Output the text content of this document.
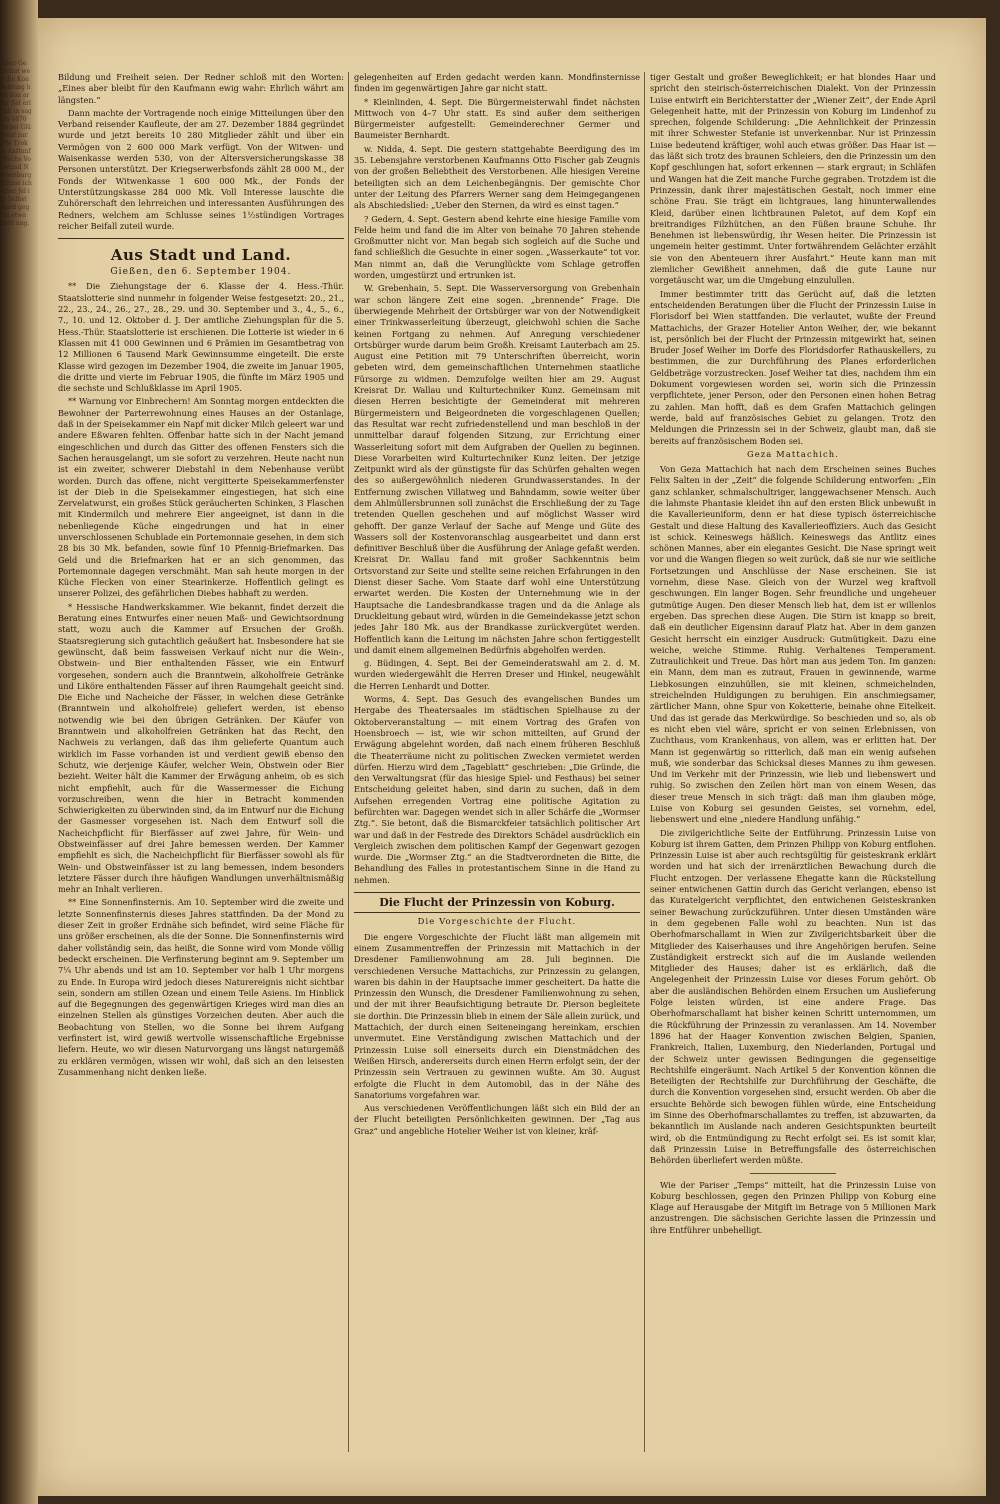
uber Ge Schut wei die Kon leibung hat kon ar Kr fiel erl fah in sagen 1870 Arbei Glühenf zur Ma Trok u Anftunf Wechs Vorstand Nenenburg Einzel ich über Jel in Selbst hard gegen etwa Zeit ung.

Bildung und Freiheit seien. Der Redner schloß mit den Worten: „Eines aber bleibt für den Kaufmann ewig wahr: Ehrlich währt am längsten.“

Dann machte der Vortragende noch einige Mitteilungen über den Verband reisender Kaufleute, der am 27. Dezember 1884 gegründet wurde und jetzt bereits 10 280 Mitglieder zählt und über ein Vermögen von 2 600 000 Mark verfügt. Von der Witwen- und Waisenkasse werden 530, von der Altersversicherungskasse 38 Personen unterstützt. Der Kriegserwerbsfonds zählt 28 000 M., der Fonds der Witwenkasse 1 600 000 Mk., der Fonds der Unterstützungskasse 284 000 Mk. Voll Interesse lauschte die Zuhörerschaft den lehrreichen und interessanten Ausführungen des Redners, welchem am Schlusse seines 1½stündigen Vortrages reicher Beifall zuteil wurde.

Aus Stadt und Land.
Gießen, den 6. September 1904.

** Die Ziehungstage der 6. Klasse der 4. Hess.-Thür. Staatslotterie sind nunmehr in folgender Weise festgesetzt: 20., 21., 22., 23., 24., 26., 27., 28., 29. und 30. September und 3., 4., 5., 6., 7., 10. und 12. Oktober d. J. Der amtliche Ziehungsplan für die 5. Hess.-Thür. Staatslotterie ist erschienen. Die Lotterie ist wieder in 6 Klassen mit 41 000 Gewinnen und 6 Prämien im Gesamtbetrag von 12 Millionen 6 Tausend Mark Gewinnsumme eingeteilt. Die erste Klasse wird gezogen im Dezember 1904, die zweite im Januar 1905, die dritte und vierte im Februar 1905, die fünfte im März 1905 und die sechste und Schlußklasse im April 1905.

** Warnung vor Einbrechern! Am Sonntag morgen entdeckten die Bewohner der Parterrewohnung eines Hauses an der Ostanlage, daß in der Speisekammer ein Napf mit dicker Milch geleert war und andere Eßwaren fehlten. Offenbar hatte sich in der Nacht jemand eingeschlichen und durch das Gitter des offenen Fensters sich die Sachen herausgelangt, um sie sofort zu verzehren. Heute nacht nun ist ein zweiter, schwerer Diebstahl in dem Nebenhause verübt worden. Durch das offene, nicht vergitterte Speisekammerfenster ist der Dieb in die Speisekammer eingestiegen, hat sich eine Zervelatwurst, ein großes Stück geräucherten Schinken, 3 Flaschen mit Kindermilch und mehrere Eier angeeignet, ist dann in die nebenliegende Küche eingedrungen und hat in einer unverschlossenen Schublade ein Portemonnaie gesehen, in dem sich 28 bis 30 Mk. befanden, sowie fünf 10 Pfennig-Briefmarken. Das Geld und die Briefmarken hat er an sich genommen, das Portemonnaie dagegen verschmäht. Man sah heute morgen in der Küche Flecken von einer Stearinkerze. Hoffentlich gelingt es unserer Polizei, des gefährlichen Diebes habhaft zu werden.

* Hessische Handwerkskammer. Wie bekannt, findet derzeit die Beratung eines Entwurfes einer neuen Maß- und Gewichtsordnung statt, wozu auch die Kammer auf Ersuchen der Großh. Staatsregierung sich gutachtlich geäußert hat. Insbesondere hat sie gewünscht, daß beim fassweisen Verkauf nicht nur die Wein-, Obstwein- und Bier enthaltenden Fässer, wie ein Entwurf vorgesehen, sondern auch die Branntwein, alkoholfreie Getränke und Liköre enthaltenden Fässer auf ihren Raumgehalt geeicht sind. Die Eiche und Nacheiche der Fässer, in welchen diese Getränke (Branntwein und alkoholfreie) geliefert werden, ist ebenso notwendig wie bei den übrigen Getränken. Der Käufer von Branntwein und alkoholfreien Getränken hat das Recht, den Nachweis zu verlangen, daß das ihm gelieferte Quantum auch wirklich im Fasse vorhanden ist und verdient gewiß ebenso den Schutz, wie derjenige Käufer, welcher Wein, Obstwein oder Bier bezieht. Weiter hält die Kammer der Erwägung anheim, ob es sich nicht empfiehlt, auch für die Wassermesser die Eichung vorzuschreiben, wenn die hier in Betracht kommenden Schwierigkeiten zu überwinden sind, da im Entwurf nur die Eichung der Gasmesser vorgesehen ist. Nach dem Entwurf soll die Nacheichpflicht für Bierfässer auf zwei Jahre, für Wein- und Obstweinfässer auf drei Jahre bemessen werden. Der Kammer empfiehlt es sich, die Nacheichpflicht für Bierfässer sowohl als für Wein- und Obstweinfässer ist zu lang bemessen, indem besonders letztere Fässer durch ihre häufigen Wandlungen unverhältnismäßig mehr an Inhalt verlieren.

** Eine Sonnenfinsternis. Am 10. September wird die zweite und letzte Sonnenfinsternis dieses Jahres stattfinden. Da der Mond zu dieser Zeit in großer Erdnähe sich befindet, wird seine Fläche für uns größer erscheinen, als die der Sonne. Die Sonnenfinsternis wird daher vollständig sein, das heißt, die Sonne wird vom Monde völlig bedeckt erscheinen. Die Verfinsterung beginnt am 9. September um 7¼ Uhr abends und ist am 10. September vor halb 1 Uhr morgens zu Ende. In Europa wird jedoch dieses Naturereignis nicht sichtbar sein, sondern am stillen Ozean und einem Teile Asiens. Im Hinblick auf die Begegnungen des gegenwärtigen Krieges wird man dies an einzelnen Stellen als günstiges Vorzeichen deuten. Aber auch die Beobachtung von Stellen, wo die Sonne bei ihrem Aufgang verfinstert ist, wird gewiß wertvolle wissenschaftliche Ergebnisse liefern. Heute, wo wir diesen Naturvorgang uns längst naturgemäß zu erklären vermögen, wissen wir wohl, daß sich an den leisesten Zusammenhang nicht denken ließe.

gelegenheiten auf Erden gedacht werden kann. Mondfinsternisse finden im gegenwärtigen Jahre gar nicht statt.

* Kleinlinden, 4. Sept. Die Bürgermeisterwahl findet nächsten Mittwoch von 4–7 Uhr statt. Es sind außer dem seitherigen Bürgermeister aufgestellt: Gemeinderechner Germer und Baumeister Bernhardt.

w. Nidda, 4. Sept. Die gestern stattgehabte Beerdigung des im 35. Lebensjahre verstorbenen Kaufmanns Otto Fischer gab Zeugnis von der großen Beliebtheit des Verstorbenen. Alle hiesigen Vereine beteiligten sich an dem Leichenbegängnis. Der gemischte Chor unter der Leitung des Pfarrers Werner sang dem Heimgegangenen als Abschiedslied: „Ueber den Sternen, da wird es einst tagen.“

? Gedern, 4. Sept. Gestern abend kehrte eine hiesige Familie vom Felde heim und fand die im Alter von beinahe 70 Jahren stehende Großmutter nicht vor. Man begab sich sogleich auf die Suche und fand schließlich die Gesuchte in einer sogen. „Wasserkaute“ tot vor. Man nimmt an, daß die Verunglückte vom Schlage getroffen worden, umgestürzt und ertrunken ist.

W. Grebenhain, 5. Sept. Die Wasserversorgung von Grebenhain war schon längere Zeit eine sogen. „brennende“ Frage. Die überwiegende Mehrheit der Ortsbürger war von der Notwendigkeit einer Trinkwasserleitung überzeugt, gleichwohl schien die Sache keinen Fortgang zu nehmen. Auf Anregung verschiedener Ortsbürger wurde darum beim Großh. Kreisamt Lauterbach am 25. August eine Petition mit 79 Unterschriften überreicht, worin gebeten wird, dem gemeinschaftlichen Unternehmen staatliche Fürsorge zu widmen. Demzufolge weilten hier am 29. August Kreisrat Dr. Wallau und Kulturtechniker Kunz. Gemeinsam mit diesen Herren besichtigte der Gemeinderat mit mehreren Bürgermeistern und Beigeordneten die vorgeschlagenen Quellen; das Resultat war recht zufriedenstellend und man beschloß in der unmittelbar darauf folgenden Sitzung, zur Errichtung einer Wasserleitung sofort mit dem Aufgraben der Quellen zu beginnen. Diese Vorarbeiten wird Kulturtechniker Kunz leiten. Der jetzige Zeitpunkt wird als der günstigste für das Schürfen gehalten wegen des so außergewöhnlich niederen Grundwasserstandes. In der Entfernung zwischen Villatweg und Bahndamm, sowie weiter über dem Ahlmüllersbrunnen soll zunächst die Erschließung der zu Tage tretenden Quellen geschehen und auf möglichst Wasser wird gehofft. Der ganze Verlauf der Sache auf Menge und Güte des Wassers soll der Kostenvoranschlag ausgearbeitet und dann erst definitiver Beschluß über die Ausführung der Anlage gefaßt werden. Kreisrat Dr. Wallau fand mit großer Sachkenntnis beim Ortsvorstand zur Seite und stellte seine reichen Erfahrungen in den Dienst dieser Sache. Vom Staate darf wohl eine Unterstützung erwartet werden. Die Kosten der Unternehmung wie in der Hauptsache die Landesbrandkasse tragen und da die Anlage als Druckleitung gebaut wird, würden in die Gemeindekasse jetzt schon jedes Jahr 180 Mk. aus der Brandkasse zurückvergütet werden. Hoffentlich kann die Leitung im nächsten Jahre schon fertiggestellt und damit einem allgemeinen Bedürfnis abgeholfen werden.

g. Büdingen, 4. Sept. Bei der Gemeinderatswahl am 2. d. M. wurden wiedergewählt die Herren Dreser und Hinkel, neugewählt die Herren Lenhardt und Dotter.

Worms, 4. Sept. Das Gesuch des evangelischen Bundes um Hergabe des Theatersaales im städtischen Spielhause zu der Oktoberveranstaltung — mit einem Vortrag des Grafen von Hoensbroech — ist, wie wir schon mitteilten, auf Grund der Erwägung abgelehnt worden, daß nach einem früheren Beschluß die Theaterräume nicht zu politischen Zwecken vermietet werden dürfen. Hierzu wird dem „Tageblatt“ geschrieben: „Die Gründe, die den Verwaltungsrat (für das hiesige Spiel- und Festhaus) bei seiner Entscheidung geleitet haben, sind darin zu suchen, daß in dem Aufsehen erregenden Vortrag eine politische Agitation zu befürchten war. Dagegen wendet sich in aller Schärfe die „Wormser Ztg.“. Sie betont, daß die Bismarckfeier tatsächlich politischer Art war und daß in der Festrede des Direktors Schädel ausdrücklich ein Vergleich zwischen dem politischen Kampf der Gegenwart gezogen wurde. Die „Wormser Ztg.“ an die Stadtverordneten die Bitte, die Behandlung des Falles in protestantischem Sinne in die Hand zu nehmen.

Die Flucht der Prinzessin von Koburg.
Die Vorgeschichte der Flucht.

Die engere Vorgeschichte der Flucht läßt man allgemein mit einem Zusammentreffen der Prinzessin mit Mattachich in der Dresdener Familienwohnung am 28. Juli beginnen. Die verschiedenen Versuche Mattachichs, zur Prinzessin zu gelangen, waren bis dahin in der Hauptsache immer gescheitert. Da hatte die Prinzessin den Wunsch, die Dresdener Familienwohnung zu sehen, und der mit ihrer Beaufsichtigung betraute Dr. Pierson begleitete sie dorthin. Die Prinzessin blieb in einem der Säle allein zurück, und Mattachich, der durch einen Seiteneingang hereinkam, erschien unvermutet. Eine Verständigung zwischen Mattachich und der Prinzessin Luise soll einerseits durch ein Dienstmädchen des Weißen Hirsch, andererseits durch einen Herrn erfolgt sein, der der Prinzessin sein Vertrauen zu gewinnen wußte. Am 30. August erfolgte die Flucht in dem Automobil, das in der Nähe des Sanatoriums vorgefahren war.

Aus verschiedenen Veröffentlichungen läßt sich ein Bild der an der Flucht beteiligten Persönlichkeiten gewinnen. Der „Tag aus Graz“ und angebliche Hotelier Weiher ist von kleiner, kräf-

tiger Gestalt und großer Beweglichkeit; er hat blondes Haar und spricht den steirisch-österreichischen Dialekt. Von der Prinzessin Luise entwirft ein Berichterstatter der „Wiener Zeit“, der Ende April Gelegenheit hatte, mit der Prinzessin von Koburg im Lindenhof zu sprechen, folgende Schilderung: „Die Aehnlichkeit der Prinzessin mit ihrer Schwester Stefanie ist unverkennbar. Nur ist Prinzessin Luise bedeutend kräftiger, wohl auch etwas größer. Das Haar ist — das läßt sich trotz des braunen Schleiers, den die Prinzessin um den Kopf geschlungen hat, sofort erkennen — stark ergraut; in Schläfen und Wangen hat die Zeit manche Furche gegraben. Trotzdem ist die Prinzessin, dank ihrer majestätischen Gestalt, noch immer eine schöne Frau. Sie trägt ein lichtgraues, lang hinunterwallendes Kleid, darüber einen lichtbraunen Paletot, auf dem Kopf ein breitrandiges Filzhütchen, an den Füßen braune Schuhe. Ihr Benehmen ist liebenswürdig, ihr Wesen heiter. Die Prinzessin ist ungemein heiter gestimmt. Unter fortwährendem Gelächter erzählt sie von den Abenteuern ihrer Ausfahrt.“ Heute kann man mit ziemlicher Gewißheit annehmen, daß die gute Laune nur vorgetäuscht war, um die Umgebung einzulullen.

Immer bestimmter tritt das Gerücht auf, daß die letzten entscheidenden Beratungen über die Flucht der Prinzessin Luise in Florisdorf bei Wien stattfanden. Die verlautet, wußte der Freund Mattachichs, der Grazer Hotelier Anton Weiher, der, wie bekannt ist, persönlich bei der Flucht der Prinzessin mitgewirkt hat, seinen Bruder Josef Weiher im Dorfe des Floridsdorfer Rathauskellers, zu bestimmen, die zur Durchführung des Planes erforderlichen Geldbeträge vorzustrecken. Josef Weiher tat dies, nachdem ihm ein Dokument vorgewiesen worden sei, worin sich die Prinzessin verpflichtete, jener Person, oder den Personen einen hohen Betrag zu zahlen. Man hofft, daß es dem Grafen Mattachich gelingen werde, bald auf französisches Gebiet zu gelangen. Trotz den Meldungen die Prinzessin sei in der Schweiz, glaubt man, daß sie bereits auf französischem Boden sei.

Geza Mattachich.

Von Geza Mattachich hat nach dem Erscheinen seines Buches Felix Salten in der „Zeit“ die folgende Schilderung entworfen: „Ein ganz schlanker, schmalschultriger, langgewachsener Mensch. Auch die lahmste Phantasie kleidet ihn auf den ersten Blick unbewußt in die Kavallerieuniform, denn er hat diese typisch österreichische Gestalt und diese Haltung des Kavallerieoffiziers. Auch das Gesicht ist schick. Keineswegs häßlich. Keineswegs das Antlitz eines schönen Mannes, aber ein elegantes Gesicht. Die Nase springt weit vor und die Wangen fliegen so weit zurück, daß sie nur wie seitliche Fortsetzungen und Anschlüsse der Nase erscheinen. Sie ist vornehm, diese Nase. Gleich von der Wurzel weg kraftvoll geschwungen. Ein langer Bogen. Sehr freundliche und ungeheuer gutmütige Augen. Den dieser Mensch lieb hat, dem ist er willenlos ergeben. Das sprechen diese Augen. Die Stirn ist knapp so breit, daß ein deutlicher Eigensinn darauf Platz hat. Aber in dem ganzen Gesicht herrscht ein einziger Ausdruck: Gutmütigkeit. Dazu eine weiche, weiche Stimme. Ruhig. Verhaltenes Temperament. Zutraulichkeit und Treue. Das hört man aus jedem Ton. Im ganzen: ein Mann, dem man es zutraut, Frauen in gewinnende, warme Liebkosungen einzuhüllen, sie mit kleinen, schmeichelnden, streichelnden Huldigungen zu beruhigen. Ein anschmiegsamer, zärtlicher Mann, ohne Spur von Koketterie, beinahe ohne Eitelkeit. Und das ist gerade das Merkwürdige. So beschieden und so, als ob es nicht eben viel wäre, spricht er von seinen Erlebnissen, von Zuchthaus, vom Krankenhaus, von allem, was er erlitten hat. Der Mann ist gegenwärtig so ritterlich, daß man ein wenig aufsehen muß, wie sonderbar das Schicksal dieses Mannes zu ihm gewesen. Und im Verkehr mit der Prinzessin, wie lieb und liebenswert und ruhig. So zwischen den Zeilen hört man von einem Wesen, das dieser treue Mensch in sich trägt: daß man ihm glauben möge, Luise von Koburg sei gesunden Geistes, sei vornehm, edel, liebenswert und eine „niedere Handlung unfähig.“

Die zivilgerichtliche Seite der Entführung. Prinzessin Luise von Koburg ist ihrem Gatten, dem Prinzen Philipp von Koburg entflohen. Prinzessin Luise ist aber auch rechtsgültig für geisteskrank erklärt worden und hat sich der irrenärztlichen Bewachung durch die Flucht entzogen. Der verlassene Ehegatte kann die Rückstellung seiner entwichenen Gattin durch das Gericht verlangen, ebenso ist das Kuratelgericht verpflichtet, den entwichenen Geisteskranken seiner Bewachung zurückzuführen. Unter diesen Umständen wäre in dem gegebenen Falle wohl zu beachten. Nun ist das Oberhofmarschallamt in Wien zur Zivilgerichtsbarkeit über die Mitglieder des Kaiserhauses und ihre Angehörigen berufen. Seine Zuständigkeit erstreckt sich auf die im Auslande weilenden Mitglieder des Hauses; daher ist es erklärlich, daß die Angelegenheit der Prinzessin Luise vor dieses Forum gehört. Ob aber die ausländischen Behörden einem Ersuchen um Auslieferung Folge leisten würden, ist eine andere Frage. Das Oberhofmarschallamt hat bisher keinen Schritt unternommen, um die Rückführung der Prinzessin zu veranlassen. Am 14. November 1896 hat der Haager Konvention zwischen Belgien, Spanien, Frankreich, Italien, Luxemburg, den Niederlanden, Portugal und der Schweiz unter gewissen Bedingungen die gegenseitige Rechtshilfe eingeräumt. Nach Artikel 5 der Konvention können die Beteiligten der Rechtshilfe zur Durchführung der Geschäfte, die durch die Konvention vorgesehen sind, ersucht werden. Ob aber die ersuchte Behörde sich bewogen fühlen würde, eine Entscheidung im Sinne des Oberhofmarschallamtes zu treffen, ist abzuwarten, da bekanntlich im Auslande nach anderen Gesichtspunkten beurteilt wird, ob die Entmündigung zu Recht erfolgt sei. Es ist somit klar, daß Prinzessin Luise in Betreffungsfalle des österreichischen Behörden überliefert werden müßte.

Wie der Pariser „Temps“ mitteilt, hat die Prinzessin Luise von Koburg beschlossen, gegen den Prinzen Philipp von Koburg eine Klage auf Herausgabe der Mitgift im Betrage von 5 Millionen Mark anzustrengen. Die sächsischen Gerichte lassen die Prinzessin und ihre Entführer unbehelligt.
